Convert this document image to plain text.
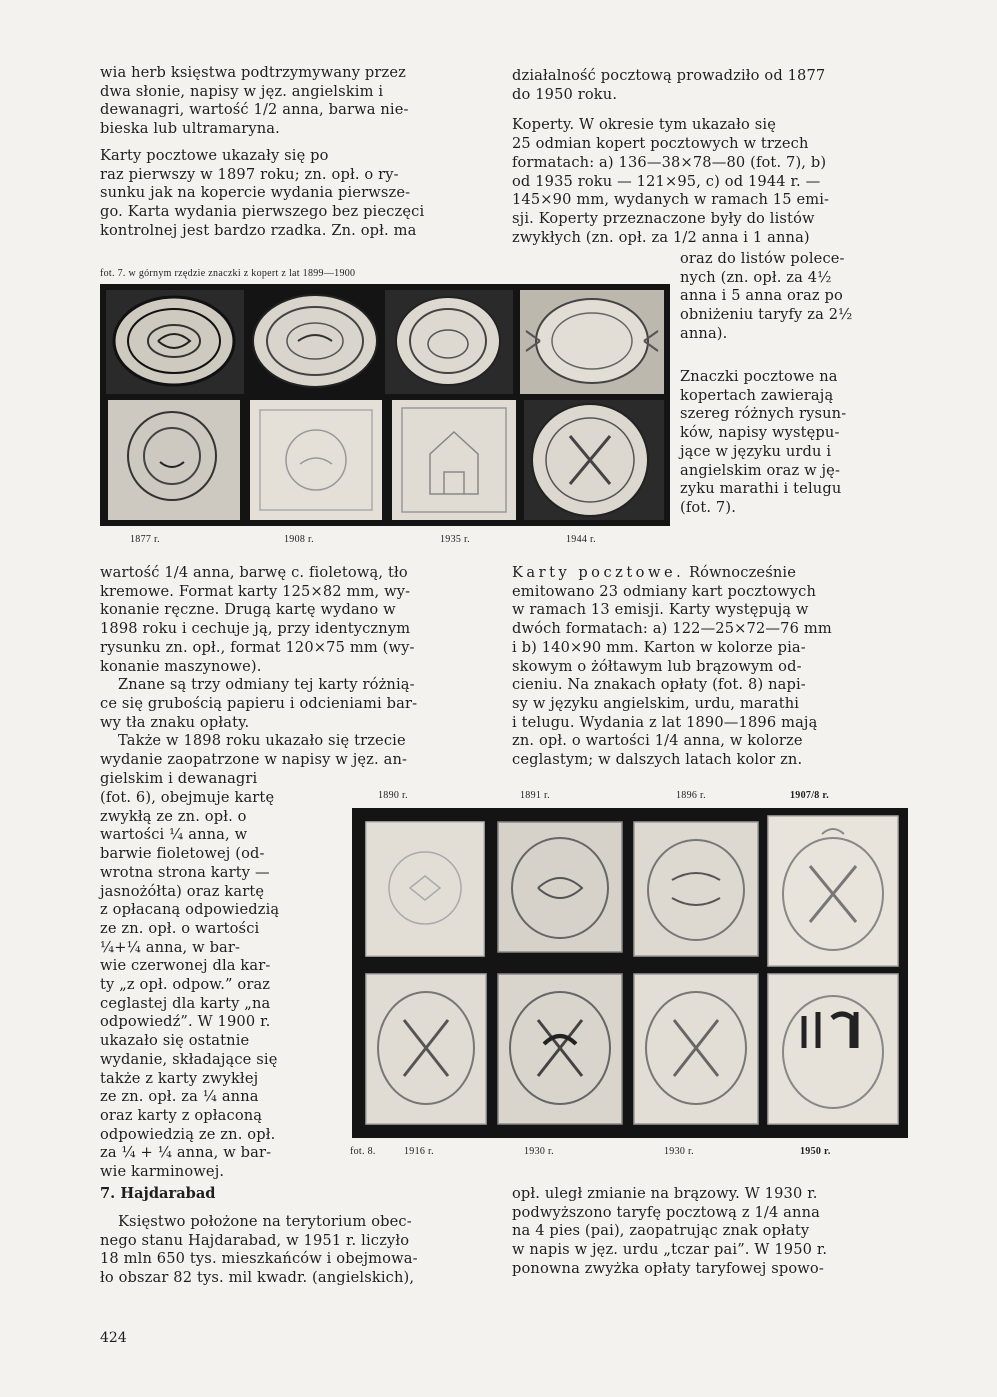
wia herb księstwa podtrzymywany przez
dwa słonie, napisy w jęz. angielskim i
dewanagri, wartość 1/2 anna, barwa nie-
bieska lub ultramaryna.
Karty pocztowe ukazały się po
raz pierwszy w 1897 roku; zn. opł. o ry-
sunku jak na kopercie wydania pierwsze-
go. Karta wydania pierwszego bez pieczęci
kontrolnej jest bardzo rzadka. Zn. opł. ma
działalność pocztową prowadziło od 1877
do 1950 roku.
Koperty. W okresie tym ukazało się
25 odmian kopert pocztowych w trzech
formatach: a) 136—38×78—80 (fot. 7), b)
od 1935 roku — 121×95, c) od 1944 r. —
145×90 mm, wydanych w ramach 15 emi-
sji. Koperty przeznaczone były do listów
zwykłych (zn. opł. za 1/2 anna i 1 anna)
oraz do listów polece-
nych (zn. opł. za 4½
anna i 5 anna oraz po
obniżeniu taryfy za 2½
anna).
Znaczki pocztowe na
kopertach zawierają
szereg różnych rysun-
ków, napisy występu-
jące w języku urdu i
angielskim oraz w ję-
zyku marathi i telugu
(fot. 7).
fot. 7. w górnym rzędzie znaczki z kopert z lat 1899—1900
1877 r.	1908 r.	1935 r.	1944 r.
wartość 1/4 anna, barwę c. fioletową, tło
kremowe. Format karty 125×82 mm, wy-
konanie ręczne. Drugą kartę wydano w
1898 roku i cechuje ją, przy identycznym
rysunku zn. opł., format 120×75 mm (wy-
konanie maszynowe).
Znane są trzy odmiany tej karty różnią-
ce się grubością papieru i odcieniami bar-
wy tła znaku opłaty.
Także w 1898 roku ukazało się trzecie
wydanie zaopatrzone w napisy w jęz. an-
gielskim i dewanagri
(fot. 6), obejmuje kartę
zwykłą ze zn. opł. o
wartości ¼ anna, w
barwie fioletowej (od-
wrotna strona karty —
jasnożółta) oraz kartę
z opłacaną odpowiedzią
ze zn. opł. o wartości
¼+¼ anna, w bar-
wie czerwonej dla kar-
ty „z opł. odpow.” oraz
ceglastej dla karty „na
odpowiedź”. W 1900 r.
ukazało się ostatnie
wydanie, składające się
także z karty zwykłej
ze zn. opł. za ¼ anna
oraz karty z opłaconą
odpowiedzią ze zn. opł.
za ¼ + ¼ anna, w bar-
wie karminowej.
Karty pocztowe. Równocześnie
emitowano 23 odmiany kart pocztowych
w ramach 13 emisji. Karty występują w
dwóch formatach: a) 122—25×72—76 mm
i b) 140×90 mm. Karton w kolorze pia-
skowym o żółtawym lub brązowym od-
cieniu. Na znakach opłaty (fot. 8) napi-
sy w języku angielskim, urdu, marathi
i telugu. Wydania z lat 1890—1896 mają
zn. opł. o wartości 1/4 anna, w kolorze
ceglastym; w dalszych latach kolor zn.
1890 r.	1891 r.	1896 r.	1907/8 r.
fot. 8.	1916 r.	1930 r.	1930 r.	1950 r.
7. Hajdarabad
Księstwo położone na terytorium obec-
nego stanu Hajdarabad, w 1951 r. liczyło
18 mln 650 tys. mieszkańców i obejmowa-
ło obszar 82 tys. mil kwadr. (angielskich),
opł. uległ zmianie na brązowy. W 1930 r.
podwyższono taryfę pocztową z 1/4 anna
na 4 pies (pai), zaopatrując znak opłaty
w napis w jęz. urdu „tczar pai”. W 1950 r.
ponowna zwyżka opłaty taryfowej spowo-
424
